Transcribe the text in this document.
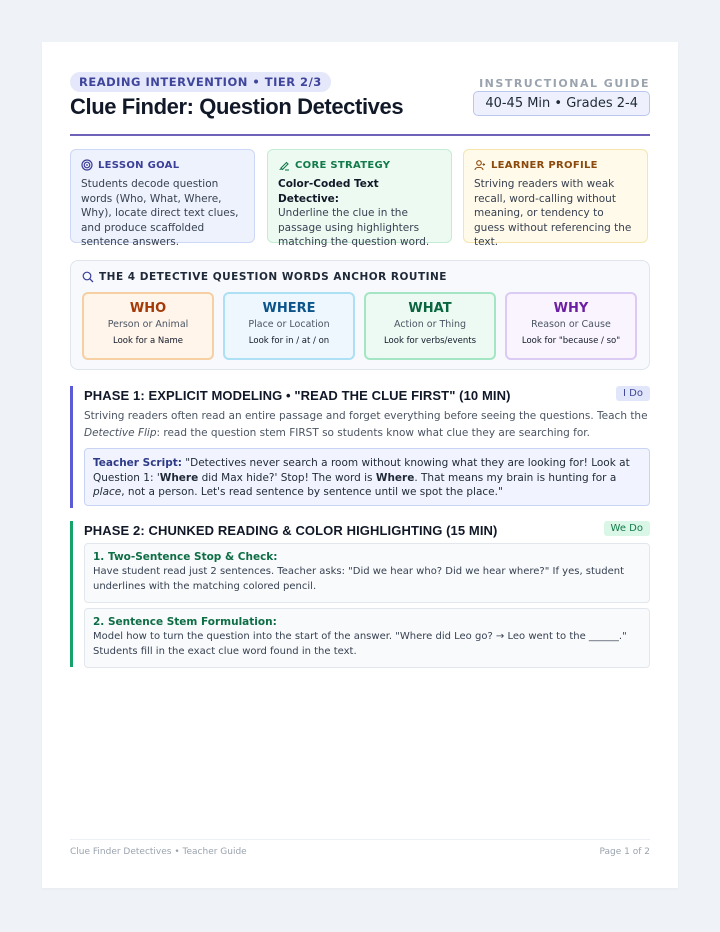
READING INTERVENTION • TIER 2/3
Clue Finder: Question Detectives
INSTRUCTIONAL GUIDE
40-45 Min • Grades 2-4
LESSON GOAL
Students decode question words (Who, What, Where, Why), locate direct text clues, and produce scaffolded sentence answers.
CORE STRATEGY
Color-Coded Text Detective:
Underline the clue in the passage using highlighters matching the question word.
LEARNER PROFILE
Striving readers with weak recall, word-calling without meaning, or tendency to guess without referencing the text.
THE 4 DETECTIVE QUESTION WORDS ANCHOR ROUTINE
WHO
Person or Animal
Look for a Name
WHERE
Place or Location
Look for in / at / on
WHAT
Action or Thing
Look for verbs/events
WHY
Reason or Cause
Look for "because / so"
PHASE 1: EXPLICIT MODELING • "READ THE CLUE FIRST" (10 MIN)	I Do
Striving readers often read an entire passage and forget everything before seeing the questions. Teach the Detective Flip: read the question stem FIRST so students know what clue they are searching for.
Teacher Script: "Detectives never search a room without knowing what they are looking for! Look at Question 1: 'Where did Max hide?' Stop! The word is Where. That means my brain is hunting for a place, not a person. Let's read sentence by sentence until we spot the place."
PHASE 2: CHUNKED READING & COLOR HIGHLIGHTING (15 MIN)	We Do
1. Two-Sentence Stop & Check:
Have student read just 2 sentences. Teacher asks: "Did we hear who? Did we hear where?" If yes, student underlines with the matching colored pencil.
2. Sentence Stem Formulation:
Model how to turn the question into the start of the answer. "Where did Leo go? → Leo went to the ______." Students fill in the exact clue word found in the text.
Clue Finder Detectives • Teacher Guide	Page 1 of 2
